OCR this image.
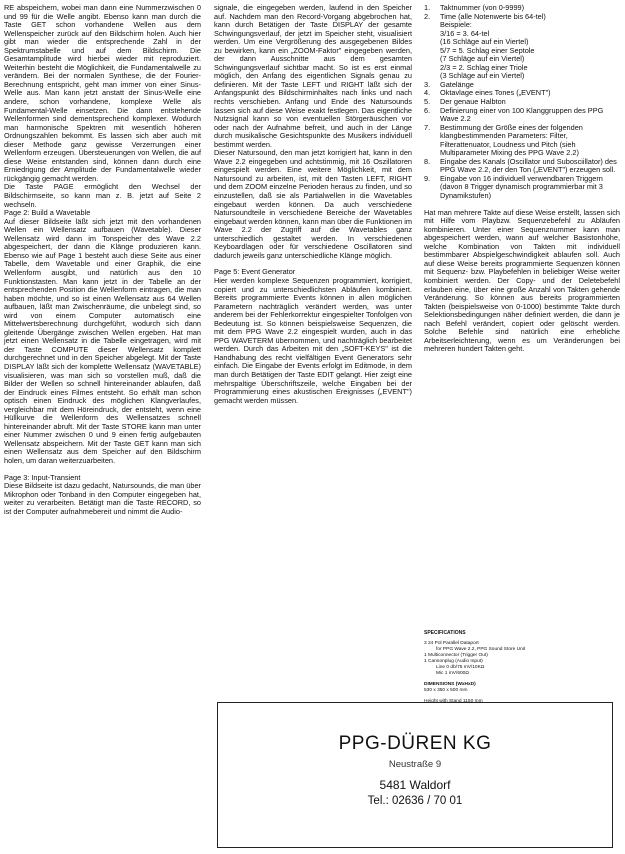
RE abspeichern, wobei man dann eine Nummerzwischen 0 und 99 für die Welle angibt. Ebenso kann man durch die Taste GET schon vorhandene Wellen aus dem Wellenspeicher zurück auf den Bildschirm holen. Auch hier gibt man wieder die entsprechende Zahl in der Spektrumstabelle und auf dem Bildschirm. Die Gesamtamplitude wird hierbei wieder mit reproduziert. Weiterhin besteht die Möglichkeit, die Fundamentalwelle zu verändern. Bei der normalen Synthese, die der Fourier-Berechnung entspricht, geht man immer von einer Sinus-Welle aus. Man kann jetzt anstatt der Sinus-Welle eine andere, schon vorhandene, komplexe Welle als Fundamental-Welle einsetzen. Die dann entstehende Wellenformen sind dementsprechend komplexer. Wodurch man harmonische Spektren mit wesentlich höheren Ordnungszahlen bekommt. Es lassen sich aber auch mit dieser Methode ganz gewisse Verzerrungen einer Wellenform erzeugen. Übersteuerungen von Wellen, die auf diese Weise entstanden sind, können dann durch eine Erniedrigung der Amplitude der Fundamentalwelle wieder rückgängig gemacht werden.

Die Taste PAGE ermöglicht den Wechsel der Bildschirmseite, so kann man z. B. jetzt auf Seite 2 wechseln.

Page 2: Build a Wavetable

Auf dieser Bildseite läßt sich jetzt mit den vorhandenen Wellen ein Wellensatz aufbauen (Wavetable). Dieser Wellensatz wird dann im Tonspeicher des Wave 2.2 abgespeichert, der dann die Klänge produzieren kann. Ebenso wie auf Page 1 besteht auch diese Seite aus einer Tabelle, dem Wavetable und einer Graphik, die eine Wellenform ausgibt, und natürlich aus den 10 Funktionstasten. Man kann jetzt in der Tabelle an der entsprechenden Position die Wellenform eintragen, die man haben möchte, und so ist einen Wellensatz aus 64 Wellen aufbauen, läßt man Zwischenräume, die unbelegt sind, so wird von einem Computer automatisch eine Mittelwertsberechnung durchgeführt, wodurch sich dann gleitende Übergänge zwischen Wellen ergeben. Hat man jetzt einen Wellensatz in die Tabelle eingetragen, wird mit der Taste COMPUTE dieser Wellensatz komplett durchgerechnet und in den Speicher abgelegt. Mit der Taste DISPLAY läßt sich der komplette Wellensatz (WAVETABLE) visualisieren, was man sich so vorstellen muß, daß die Bilder der Wellen so schnell hintereinander ablaufen, daß der Eindruck eines Filmes entsteht. So erhält man schon optisch einen Eindruck des möglichen Klangverlaufes, vergleichbar mit dem Höreindruck, der entsteht, wenn eine Hüllkurve die Wellenform des Wellensatzes schnell hintereinander abruft. Mit der Taste STORE kann man unter einer Nummer zwischen 0 und 9 einen fertig aufgebauten Wellensatz abspeichern. Mit der Taste GET kann man sich einen Wellensatz aus dem Speicher auf den Bildschirm holen, um daran weiterzuarbeiten.

Page 3: Input-Transient

Diese Bildseite ist dazu gedacht, Natursounds, die man über Mikrophon oder Tonband in den Computer eingegeben hat, weiter zu verarbeiten. Betätigt man die Taste RECORD, so ist der Computer aufnahmebereit und nimmt die Audio-

signale, die eingegeben werden, laufend in den Speicher auf. Nachdem man den Record-Vorgang abgebrochen hat, kann durch Betätigen der Taste DISPLAY der gesamte Schwingungsverlauf, der jetzt im Speicher steht, visualisiert werden. Um eine Vergrößerung des ausgegebenen Bildes zu bewirken, kann ein „ZOOM-Faktor" eingegeben werden, der dann Ausschnitte aus dem gesamten Schwingungsverlauf sichtbar macht. So ist es erst einmal möglich, den Anfang des eigentlichen Signals genau zu definieren. Mit der Taste LEFT und RIGHT läßt sich der Anfangspunkt des Bildschirminhaltes nach links und nach rechts verschieben. Anfang und Ende des Natursounds lassen sich auf diese Weise exakt festlegen. Das eigentliche Nutzsignal kann so von eventuellen Störgeräuschen vor oder nach der Aufnahme befreit, und auch in der Länge durch musikalische Gesichtspunkte des Musikers individuell bestimmt werden.

Dieser Natursound, den man jetzt korrigiert hat, kann in den Wave 2.2 eingegeben und achtstimmig, mit 16 Oszillatoren eingespielt werden. Eine weitere Möglichkeit, mit dem Natursound zu arbeiten, ist, mit den Tasten LEFT, RIGHT und dem ZOOM einzelne Perioden heraus zu finden, und so einzustellen, daß sie als Partialwellen in die Wavetables eingebaut werden können. Da auch verschiedene Natursoundteile in verschiedene Bereiche der Wavetables eingebaut werden können, kann man über die Funktionen im Wave 2.2 der Zugriff auf die Wavetables ganz unterschiedlich gestaltet werden. In verschiedenen Keyboardlagen oder für verschiedene Oscillatoren sind dadurch jeweils ganz unterschiedliche Klänge möglich.

Page 5: Event Generator

Hier werden komplexe Sequenzen programmiert, korrigiert, copiert und zu unterschiedlichsten Abläufen kombiniert. Bereits programmierte Events können in allen möglichen Parametern nachträglich verändert werden, was unter anderem bei der Fehlerkorrektur eingespielter Tonfolgen von Bedeutung ist. So können beispielsweise Sequenzen, die mit dem PPG Wave 2.2 eingespielt wurden, auch in das PPG WAVETERM übernommen, und nachträglich bearbeitet werden. Durch das Arbeiten mit den „SOFT-KEYS" ist die Handhabung des recht vielfältigen Event Generators sehr einfach. Die Eingabe der Events erfolgt im Editmode, in dem man durch Betätigen der Taste EDIT gelangt. Hier zeigt eine mehrspaltige Überschriftszeile, welche Eingaben bei der Programmierung eines akustischen Ereignisses („EVENT") gemacht werden müssen.

1. Taktnummer (von 0-9999)
2. Time (alle Notenwerte bis 64-tel)
Beispiele:
3/16 = 3. 64-tel
(16 Schläge auf ein Viertel)
5/7 = 5. Schlag einer Septole
(7 Schläge auf ein Viertel)
2/3 = 2. Schlag einer Triole
(3 Schläge auf ein Viertel)
3. Gatelänge
4. Oktavlage eines Tones („EVENT")
5. Der genaue Halbton
6. Definierung einer von 100 Klanggruppen des PPG Wave 2.2
7. Bestimmung der Größe eines der folgenden klangbestimmenden Parameters: Filter, Filterattenuator, Loudness und Pitch (sieh Multiparameter Mixing des PPG Wave 2.2)
8. Eingabe des Kanals (Oscillator und Subosciillator) des PPG Wave 2.2, der den Ton („EVENT") erzeugen soll.
9. Eingabe von 16 individuell verwendbaren Triggern (davon 8 Trigger dynamisch programmierbar mit 3 Dynamikstufen)

Hat man mehrere Takte auf diese Weise erstellt, lassen sich mit Hilfe vom Playbzw. Sequenzebefehl zu Abläufen kombinieren. Unter einer Sequenznummer kann man abgespeichert werden, wann auf welcher Basistonhöhe, welche Kombination von Takten mit individuell bestimmbarer Abspielgeschwindigkeit ablaufen soll. Auch auf diese Weise bereits programmierte Sequenzen können mit Sequenz- bzw. Playbefehlen in beliebiger Weise weiter kombiniert werden. Der Copy- und der Deletebefehl erlauben eine, über eine große Anzahl von Takten gehende Veränderung. So können aus bereits programmierten Takten (beispielsweise von 0-1000) bestimmte Takte durch Selektionsbedingungen näher definiert werden, die dann je nach Befehl verändert, copiert oder gelöscht werden. Solche Befehle sind natürlich eine erhebliche Arbeitserleichterung, wenn es um Veränderungen bei mehreren hundert Takten geht.

SPECIFICATIONS
3 24 Pol Parallel Dataport
for PPG Wave 2.2, PPG Sound Store Unit
1 Multiconnector (Trigger Out)
1 Cannonplug (Audio Input)
Line 0 db/75 mV/10KΩ
Mic 1 mV/600Ω
DIMENSIONS (WxHxD)
530 x 350 x 500 mm
Height with Stand 1150 mm
PPG-DÜREN KG
Neustraße 9
5481 Waldorf
Tel.: 02636 / 70 01
